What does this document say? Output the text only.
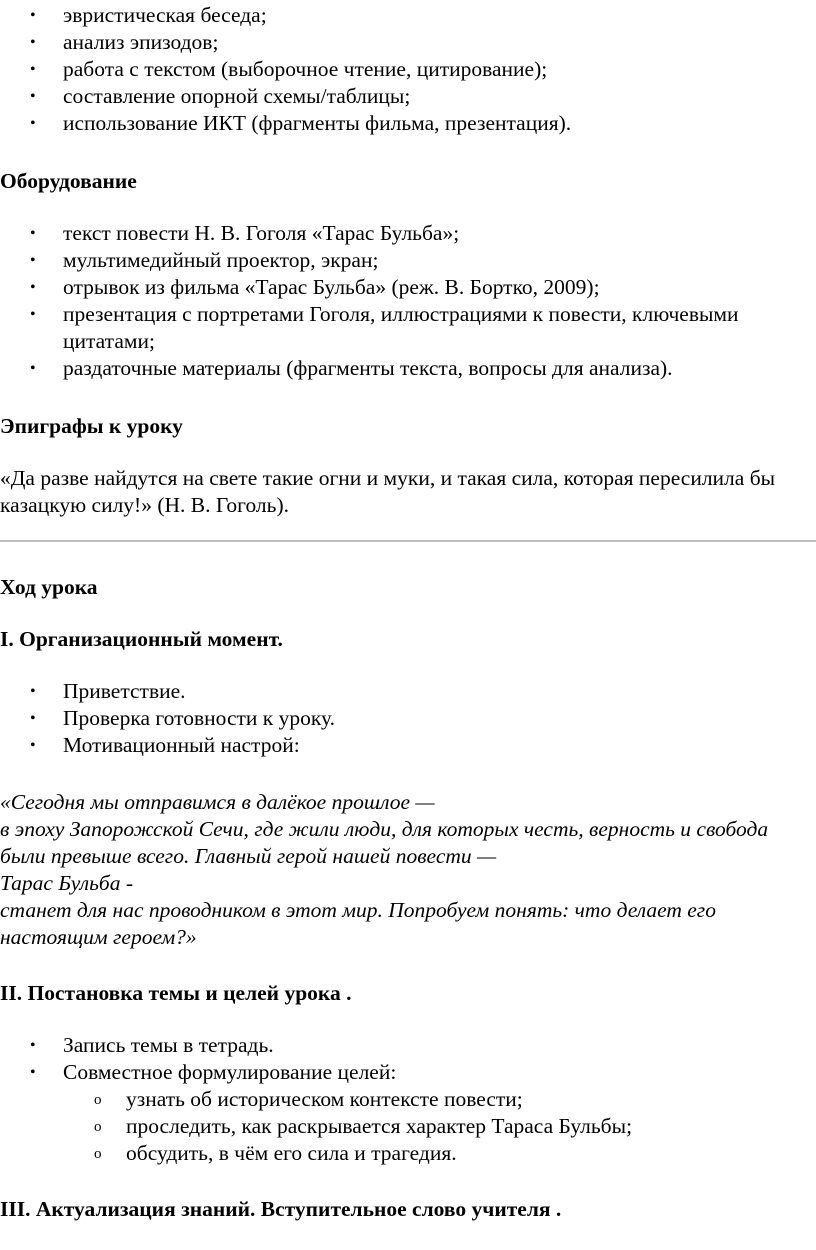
• эвристическая беседа;
• анализ эпизодов;
• работа с текстом (выборочное чтение, цитирование);
• составление опорной схемы/таблицы;
• использование ИКТ (фрагменты фильма, презентация).

Оборудование

• текст повести Н. В. Гоголя «Тарас Бульба»;
• мультимедийный проектор, экран;
• отрывок из фильма «Тарас Бульба» (реж. В. Бортко, 2009);
• презентация с портретами Гоголя, иллюстрациями к повести, ключевыми цитатами;
• раздаточные материалы (фрагменты текста, вопросы для анализа).

Эпиграфы к уроку

«Да разве найдутся на свете такие огни и муки, и такая сила, которая пересилила бы казацкую силу!» (Н. В. Гоголь).

Ход урока

I. Организационный момент.

• Приветствие.
• Проверка готовности к уроку.
• Мотивационный настрой:
«Сегодня мы отправимся в далёкое прошлое —
в эпоху Запорожской Сечи, где жили люди, для которых честь, верность и свобода были превыше всего. Главный герой нашей повести —
Тарас Бульба -
станет для нас проводником в этот мир. Попробуем понять: что делает его настоящим героем?»

II. Постановка темы и целей урока .

• Запись темы в тетрадь.
• Совместное формулирование целей:
o узнать об историческом контексте повести;
o проследить, как раскрывается характер Тараса Бульбы;
o обсудить, в чём его сила и трагедия.

III. Актуализация знаний. Вступительное слово учителя .
